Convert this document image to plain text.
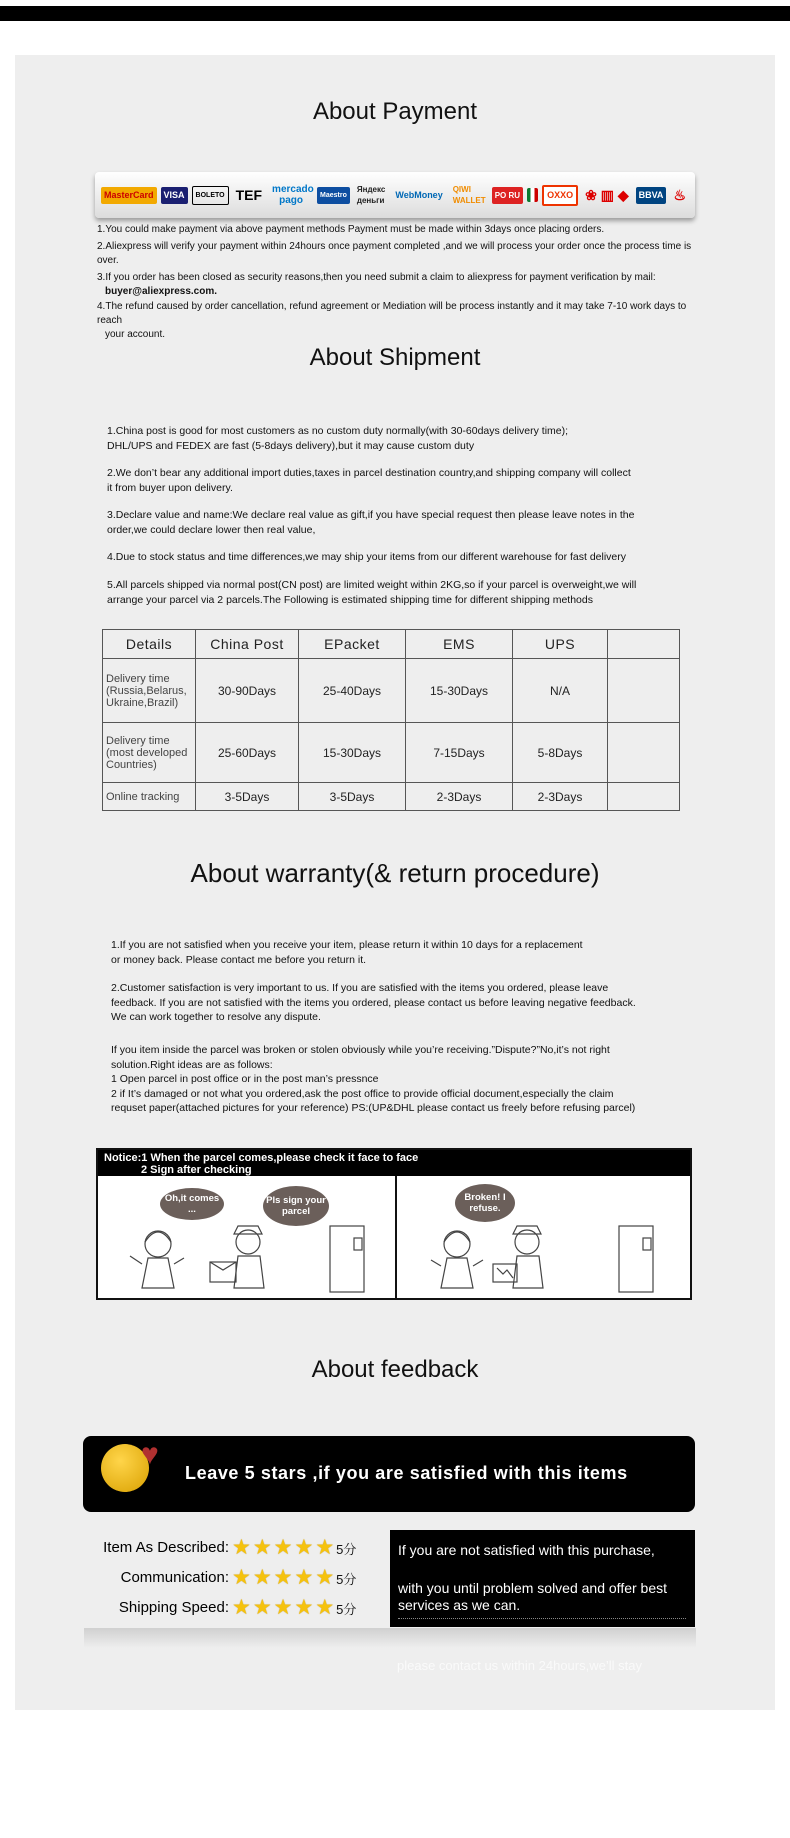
About Payment
MasterCard	VISA	BOLETO TEF	mercado pago	Maestro
Яндекс деньги
WebMoney	QIWI WALLET
PO RU	OXXO ❀ ▥ ◆	BBVA ♨
1.You could make payment via above payment methods Payment must be made within 3days once placing orders.
2.Aliexpress will verify your payment within 24hours once payment completed ,and we will process your order once the process time is over.
3.If you order has been closed as security reasons,then you need submit a claim to aliexpress for payment verification by mail:
buyer@aliexpress.com.
4.The refund caused by order cancellation, refund agreement or Mediation will be process instantly and it may take 7-10 work days to reach
your account.
About Shipment
1.China post is good for most customers as no custom duty normally(with 30-60days delivery time);
DHL/UPS and FEDEX are fast (5-8days delivery),but it may cause custom duty
2.We don’t bear any additional import duties,taxes in parcel destination country,and shipping company will collect
it from buyer upon delivery.
3.Declare value and name:We declare real value as gift,if you have special request then please leave notes in the
order,we could declare lower then real value,
4.Due to stock status and time differences,we may ship your items from our different warehouse for fast delivery
5.All parcels shipped via normal post(CN post) are limited weight within 2KG,so if your parcel is overweight,we will
arrange your parcel via 2 parcels.The Following is estimated shipping time for different shipping methods
Details	China Post	EPacket	EMS	UPS	
Delivery time (Russia,Belarus, Ukraine,Brazil)	30-90Days	25-40Days	15-30Days	N/A	
Delivery time (most developed Countries)	25-60Days	15-30Days	7-15Days	5-8Days	
Online tracking	3-5Days	3-5Days	2-3Days	2-3Days	
About warranty(& return procedure)
1.If you are not satisfied when you receive your item, please return it within 10 days for a replacement
or money back. Please contact me before you return it.
2.Customer satisfaction is very important to us. If you are satisfied with the items you ordered, please leave
feedback. If you are not satisfied with the items you ordered, please contact us before leaving negative feedback.
We can work together to resolve any dispute.
If you item inside the parcel was broken or stolen obviously while you’re receiving.”Dispute?”No,it’s not right
solution.Right ideas are as follows:
1 Open parcel in post office or in the post man’s pressnce
2 if It’s damaged or not what you ordered,ask the post office to provide official document,especially the claim
requset paper(attached pictures for your reference) PS:(UP&DHL please contact us freely before refusing parcel)
Notice:1 When the parcel comes,please check it face to face
2 Sign after checking
Oh,it comes ...
Pls sign your parcel
Broken! I refuse.
About feedback
♥
Leave 5 stars ,if you are satisfied with this items
Item As Described: ★ ★ ★ ★ ★ 5分
Communication: ★ ★ ★ ★ ★ 5分
Shipping Speed: ★ ★ ★ ★ ★ 5分
If you are not satisfied with this purchase,
with you until problem solved and offer best services as we can.
please contact us within 24hours,we’ll stay
